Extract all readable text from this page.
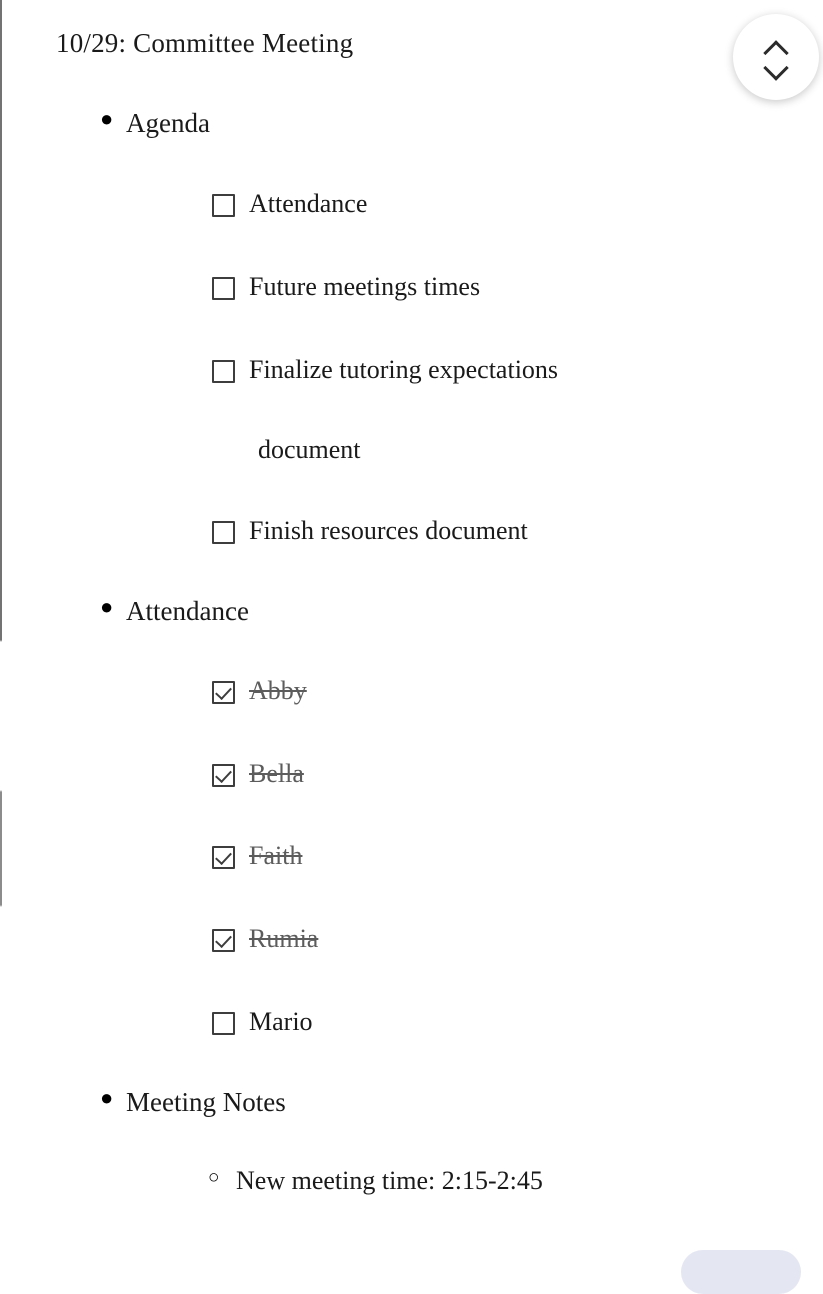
10/29: Committee Meeting
● Agenda
Attendance
Future meetings times
Finalize tutoring expectations
document
Finish resources document
● Attendance
Abby
Bella
Faith
Rumia
Mario
● Meeting Notes
○ New meeting time: 2:15-2:45
